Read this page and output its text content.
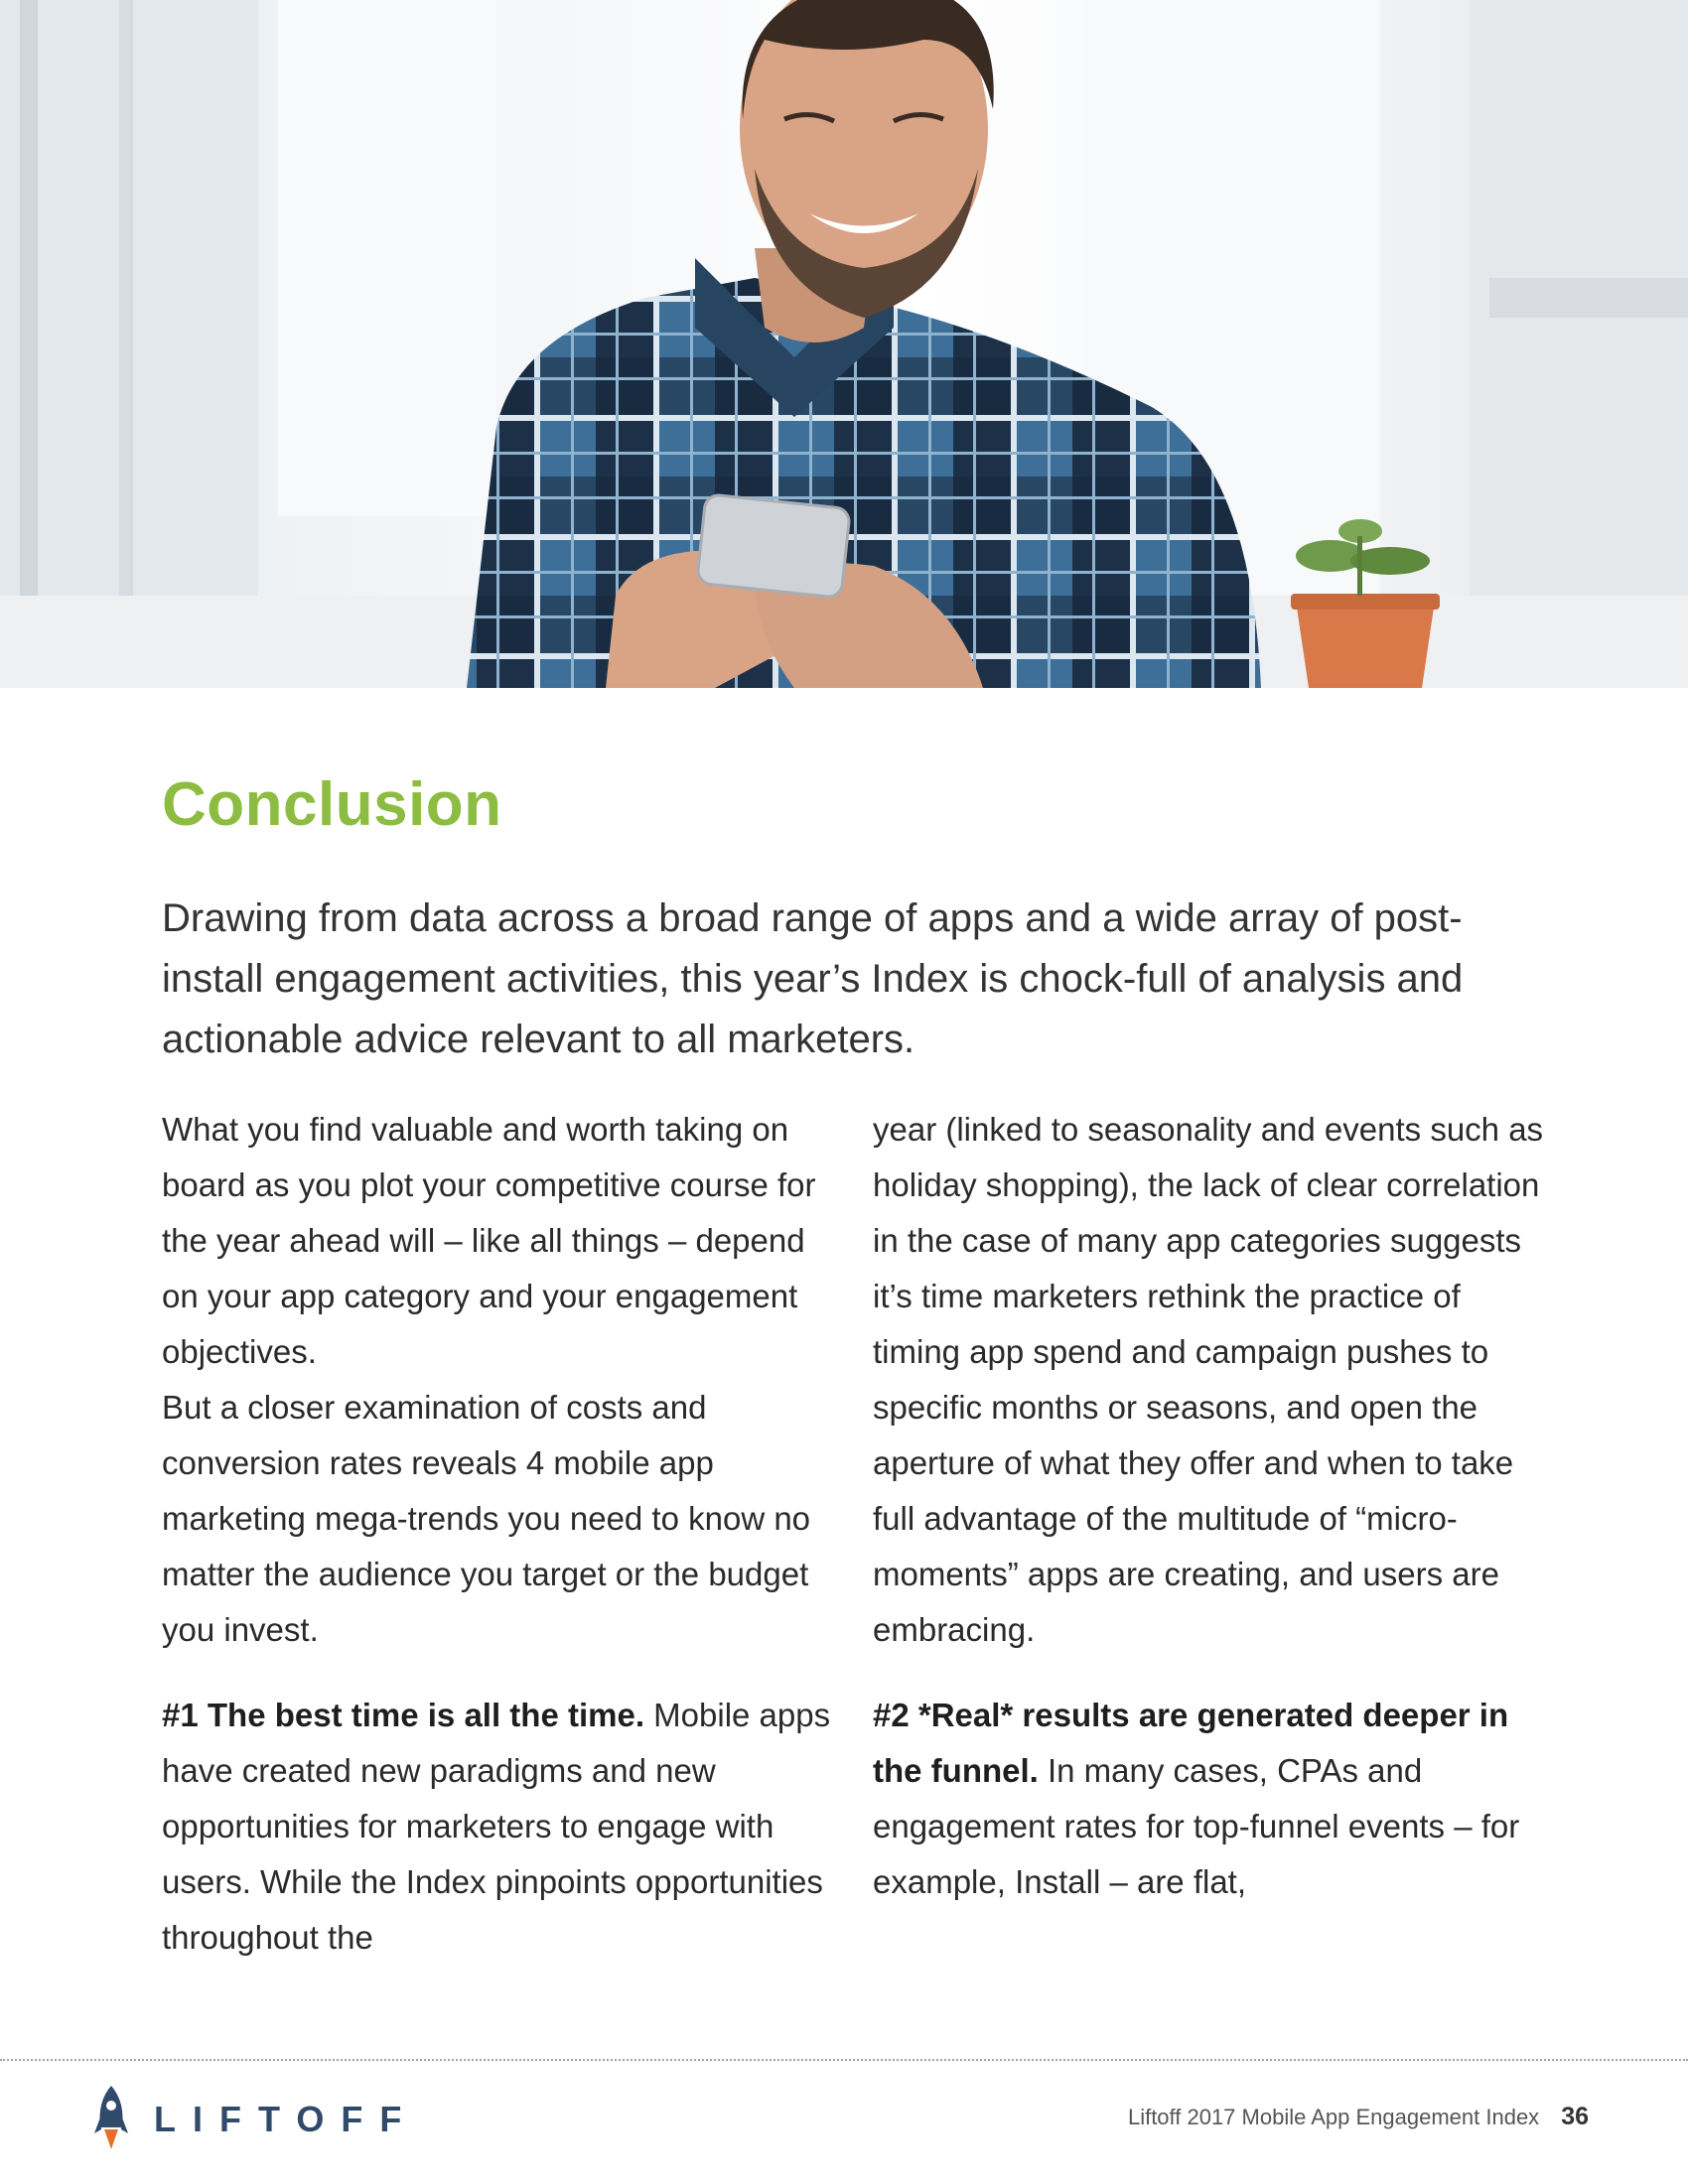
Conclusion

Drawing from data across a broad range of apps and a wide array of post-install engagement activities, this year’s Index is chock-full of analysis and actionable advice relevant to all marketers.

What you find valuable and worth taking on board as you plot your competitive course for the year ahead will – like all things – depend on your app category and your engagement objectives.

But a closer examination of costs and conversion rates reveals 4 mobile app marketing mega-trends you need to know no matter the audience you target or the budget you invest.

#1 The best time is all the time. Mobile apps have created new paradigms and new opportunities for marketers to engage with users. While the Index pinpoints opportunities throughout the

year (linked to seasonality and events such as holiday shopping), the lack of clear correlation in the case of many app categories suggests it’s time marketers rethink the practice of timing app spend and campaign pushes to specific months or seasons, and open the aperture of what they offer and when to take full advantage of the multitude of “micro-moments” apps are creating, and users are embracing.

#2 *Real* results are generated deeper in the funnel. In many cases, CPAs and engagement rates for top-funnel events – for example, Install – are flat,

LIFTOFF	Liftoff 2017 Mobile App Engagement Index 36
